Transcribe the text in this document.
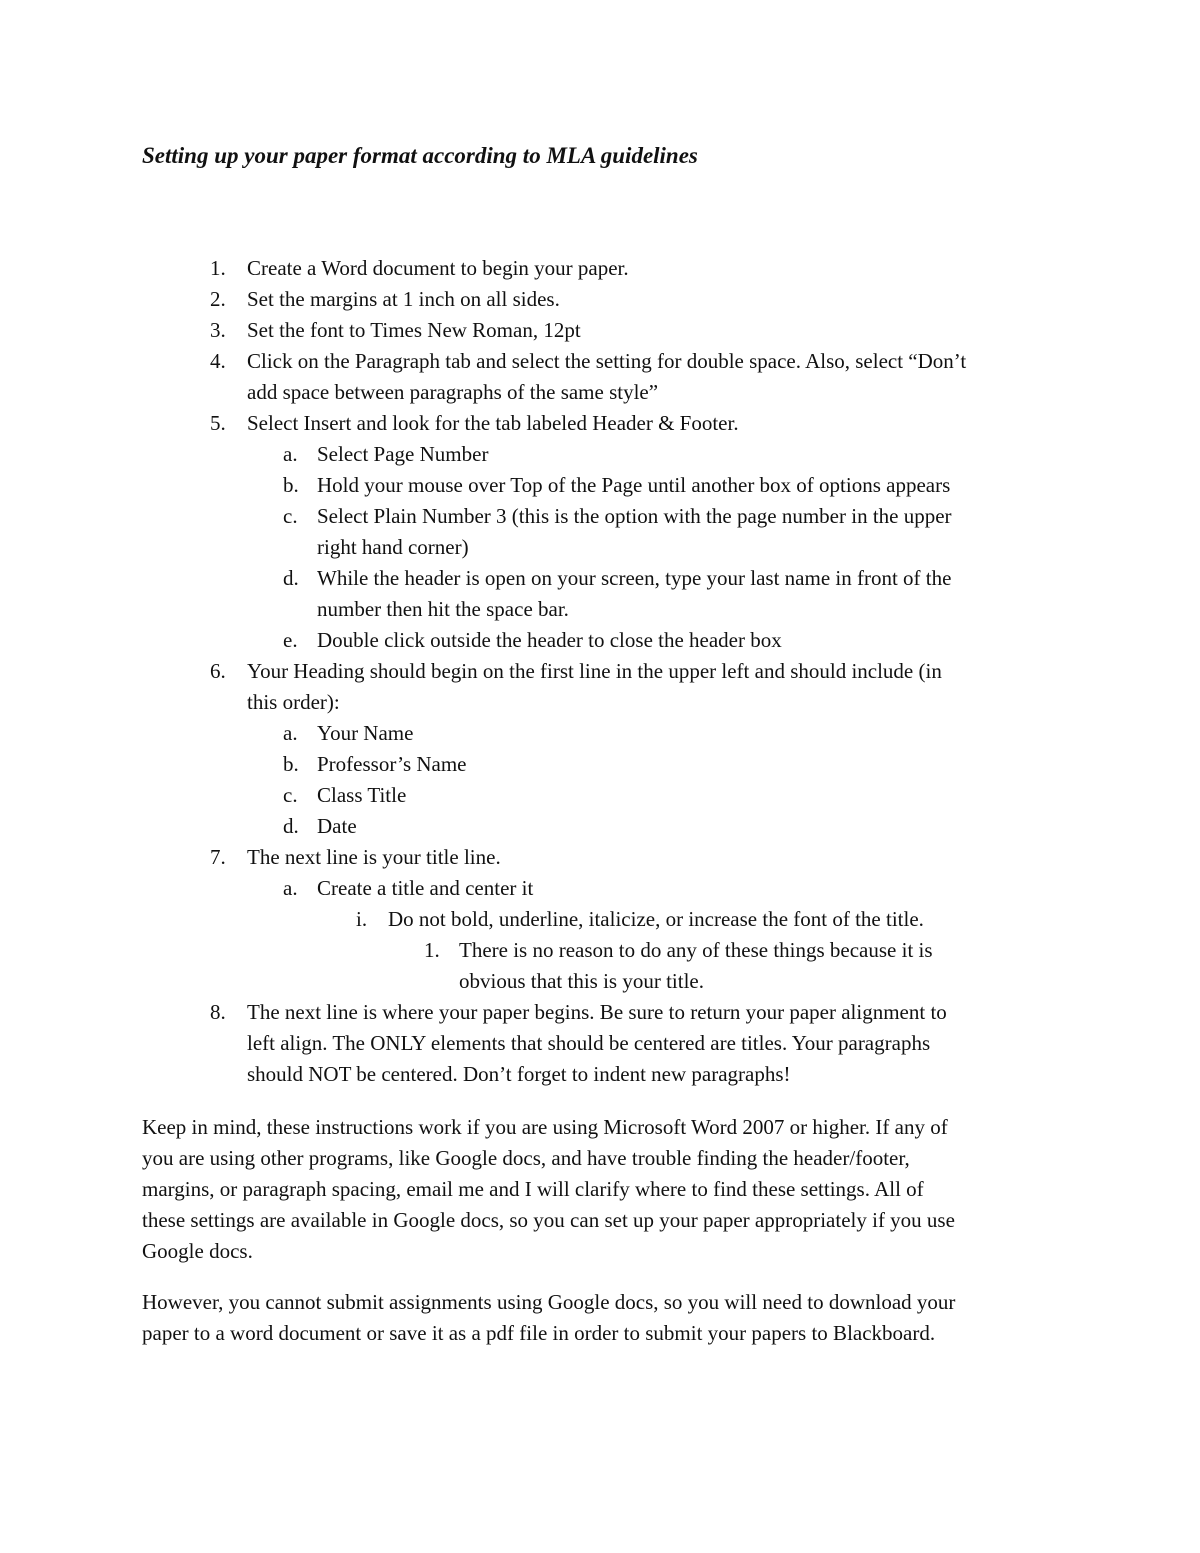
Setting up your paper format according to MLA guidelines
1.	Create a Word document to begin your paper.
2.	Set the margins at 1 inch on all sides.
3.	Set the font to Times New Roman, 12pt
4.	Click on the Paragraph tab and select the setting for double space. Also, select “Don’t
add space between paragraphs of the same style”
5.	Select Insert and look for the tab labeled Header & Footer.
a. Select Page Number
b. Hold your mouse over Top of the Page until another box of options appears
c. Select Plain Number 3 (this is the option with the page number in the upper
right hand corner)
d. While the header is open on your screen, type your last name in front of the
number then hit the space bar.
e. Double click outside the header to close the header box
6.	Your Heading should begin on the first line in the upper left and should include (in
this order):
a. Your Name
b. Professor’s Name
c. Class Title
d. Date
7.	The next line is your title line.
a. Create a title and center it
i. Do not bold, underline, italicize, or increase the font of the title.
1. There is no reason to do any of these things because it is
obvious that this is your title.
8.	The next line is where your paper begins. Be sure to return your paper alignment to
left align. The ONLY elements that should be centered are titles. Your paragraphs
should NOT be centered. Don’t forget to indent new paragraphs!

Keep in mind, these instructions work if you are using Microsoft Word 2007 or higher. If any of
you are using other programs, like Google docs, and have trouble finding the header/footer,
margins, or paragraph spacing, email me and I will clarify where to find these settings. All of
these settings are available in Google docs, so you can set up your paper appropriately if you use
Google docs.

However, you cannot submit assignments using Google docs, so you will need to download your
paper to a word document or save it as a pdf file in order to submit your papers to Blackboard.
